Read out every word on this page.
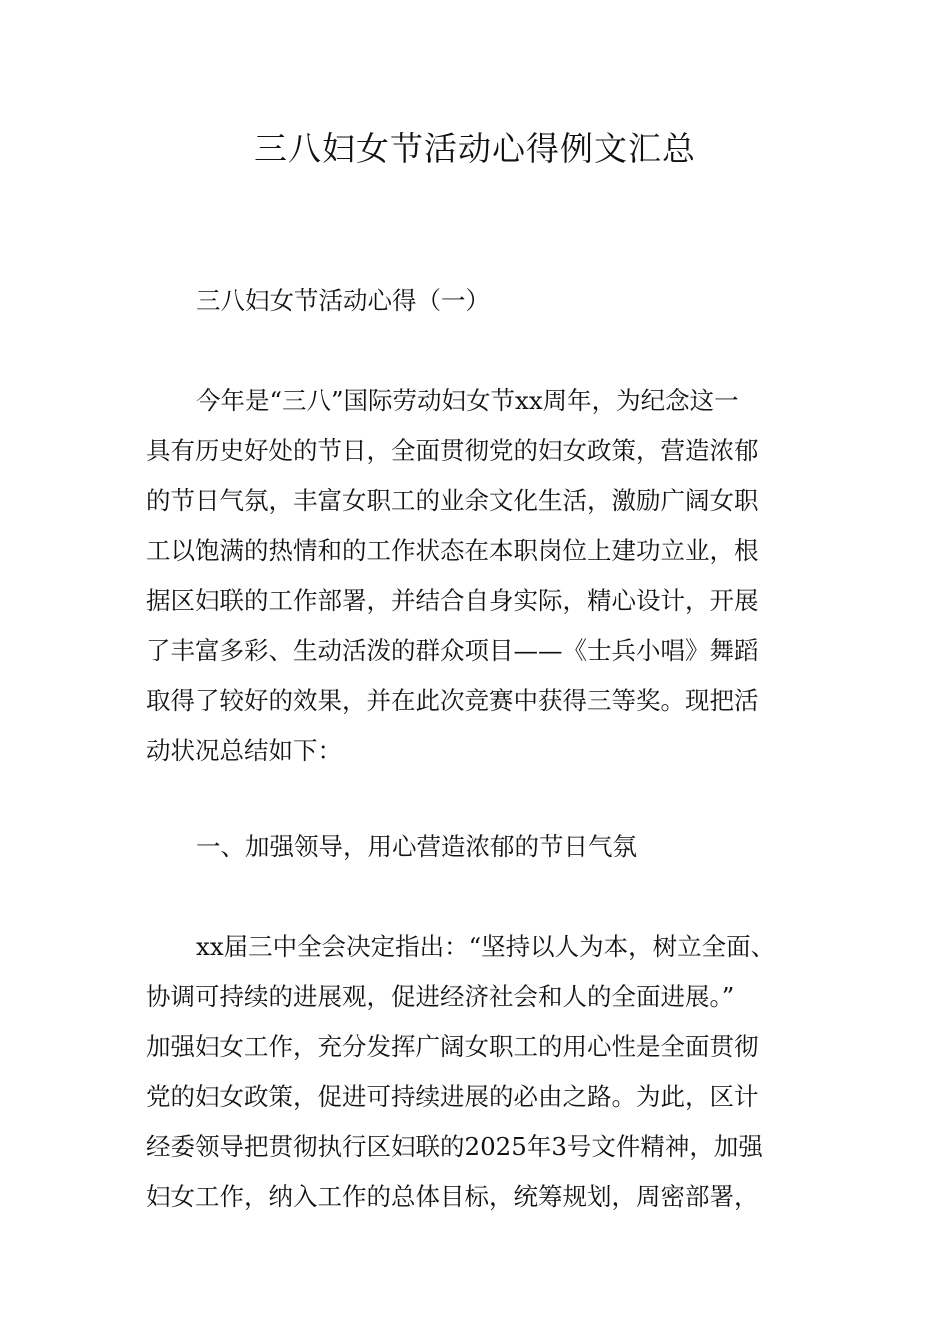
三八妇女节活动心得例文汇总

三八妇女节活动心得（一）

今年是“三八”国际劳动妇女节xx周年，为纪念这一
具有历史好处的节日，全面贯彻党的妇女政策，营造浓郁
的节日气氛，丰富女职工的业余文化生活，激励广阔女职
工以饱满的热情和的工作状态在本职岗位上建功立业，根
据区妇联的工作部署，并结合自身实际，精心设计，开展
了丰富多彩、生动活泼的群众项目——《士兵小唱》舞蹈
取得了较好的效果，并在此次竞赛中获得三等奖。现把活
动状况总结如下：

一、加强领导，用心营造浓郁的节日气氛

xx届三中全会决定指出：“坚持以人为本，树立全面、
协调可持续的进展观，促进经济社会和人的全面进展。”
加强妇女工作，充分发挥广阔女职工的用心性是全面贯彻
党的妇女政策，促进可持续进展的必由之路。为此，区计
经委领导把贯彻执行区妇联的2025年3号文件精神，加强
妇女工作，纳入工作的总体目标，统筹规划，周密部署，
